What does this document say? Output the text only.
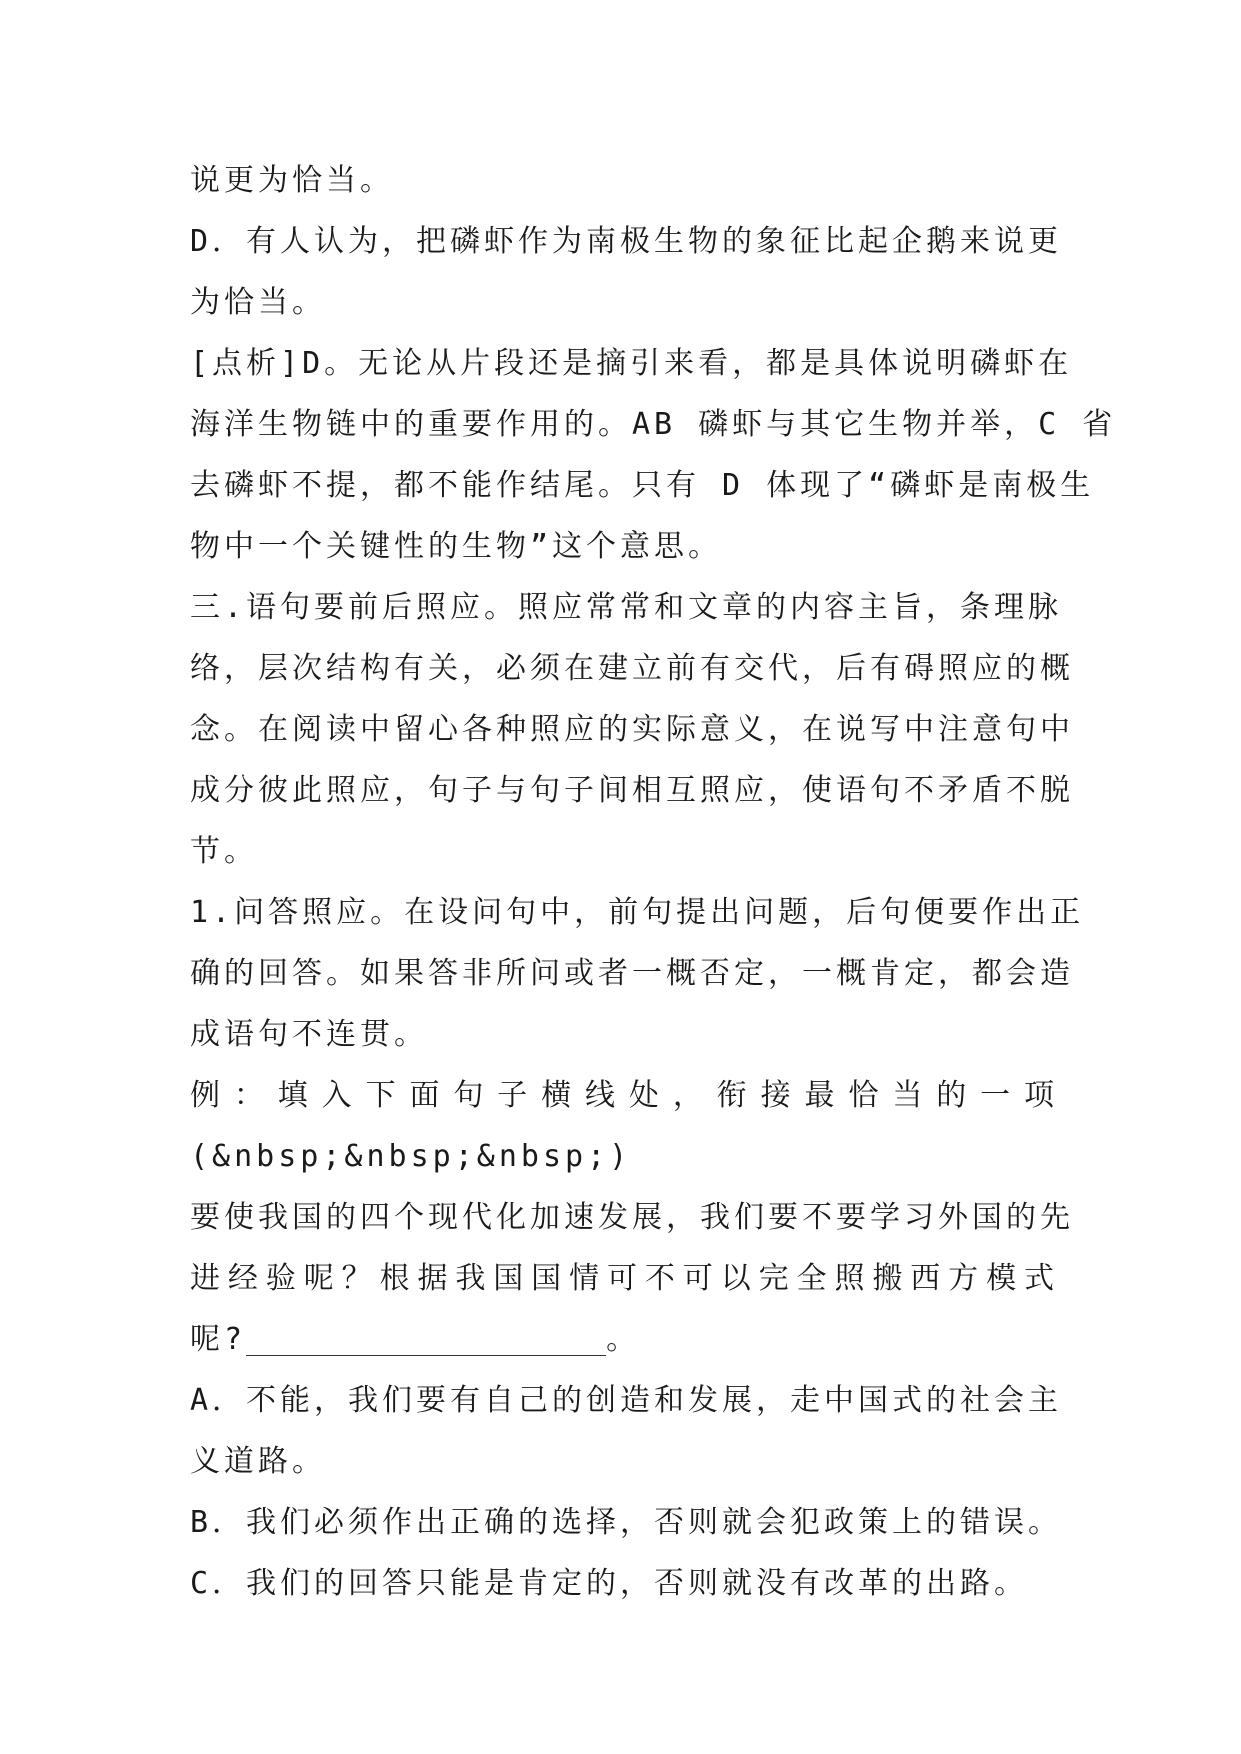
说更为恰当。
D．有人认为，把磷虾作为南极生物的象征比起企鹅来说更
为恰当。
[点析]D。无论从片段还是摘引来看，都是具体说明磷虾在
海洋生物链中的重要作用的。AB 磷虾与其它生物并举，C 省
去磷虾不提，都不能作结尾。只有 D 体现了“磷虾是南极生
物中一个关键性的生物”这个意思。
三.语句要前后照应。照应常常和文章的内容主旨，条理脉
络，层次结构有关，必须在建立前有交代，后有碍照应的概
念。在阅读中留心各种照应的实际意义，在说写中注意句中
成分彼此照应，句子与句子间相互照应，使语句不矛盾不脱
节。
1.问答照应。在设问句中，前句提出问题，后句便要作出正
确的回答。如果答非所问或者一概否定，一概肯定，都会造
成语句不连贯。
例：填入下面句子横线处，衔接最恰当的一项
(&nbsp;&nbsp;&nbsp;)
要使我国的四个现代化加速发展，我们要不要学习外国的先
进经验呢？根据我国国情可不可以完全照搬西方模式
呢?	。
A．不能，我们要有自己的创造和发展，走中国式的社会主
义道路。
B．我们必须作出正确的选择，否则就会犯政策上的错误。
C．我们的回答只能是肯定的，否则就没有改革的出路。
